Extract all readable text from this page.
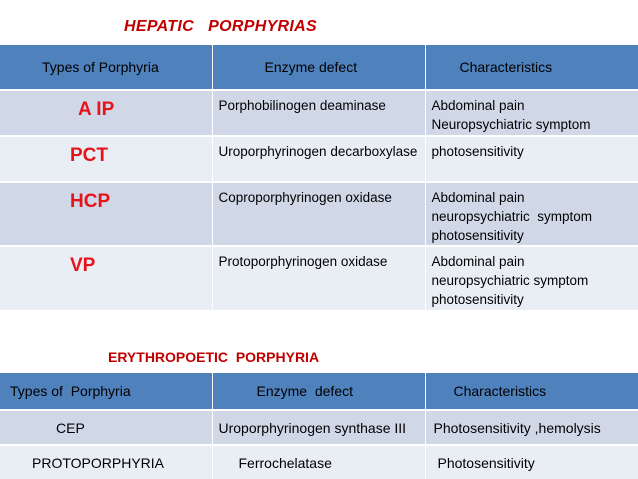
HEPATIC   PORPHYRIAS
Types of Porphyria	Enzyme defect	Characteristics
A IP	Porphobilinogen deaminase	Abdominal pain
Neuropsychiatric symptom

PCT	Uroporphyrinogen decarboxylase	photosensitivity

HCP	Coproporphyrinogen oxidase	Abdominal pain
neuropsychiatric  symptom
photosensitivity

VP	Protoporphyrinogen oxidase	Abdominal pain
neuropsychiatric symptom
photosensitivity
ERYTHROPOETIC  PORPHYRIA
Types of  Porphyria	Enzyme  defect	Characteristics
CEP	Uroporphyrinogen synthase III	Photosensitivity ,hemolysis
PROTOPORPHYRIA	Ferrochelatase	Photosensitivity
